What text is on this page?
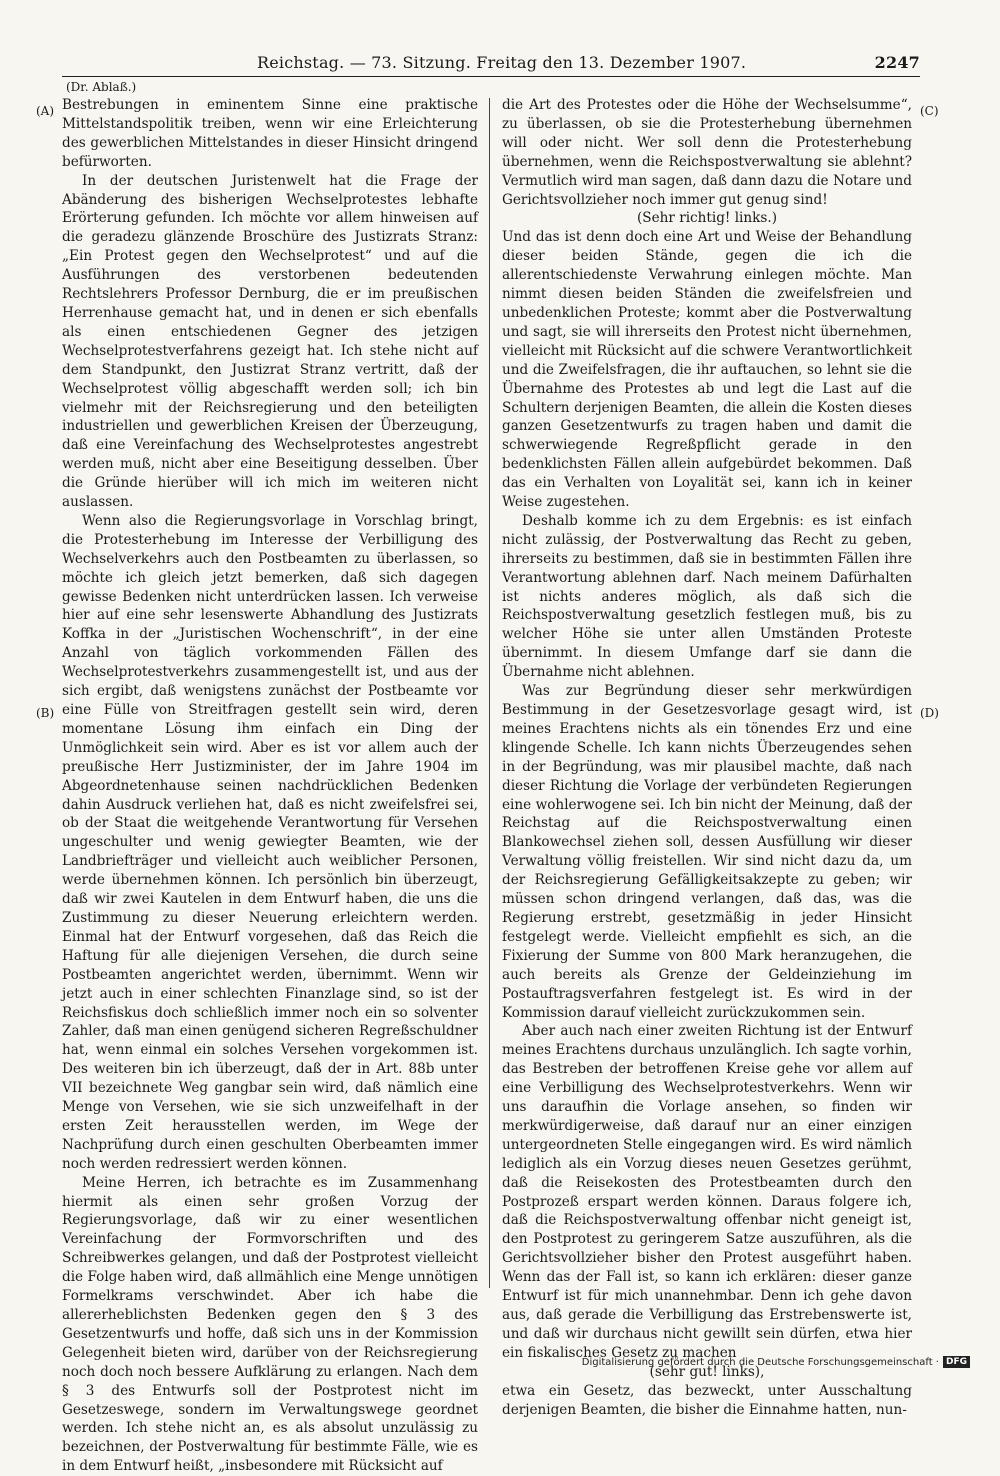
Reichstag. — 73. Sitzung. Freitag den 13. Dezember 1907.	2247
(Dr. Ablaß.)
(A)
(B)
(C)
(D)

Bestrebungen in eminentem Sinne eine praktische Mittelstandspolitik treiben, wenn wir eine Erleichterung des gewerblichen Mittelstandes in dieser Hinsicht dringend befürworten.

In der deutschen Juristenwelt hat die Frage der Abänderung des bisherigen Wechselprotestes lebhafte Erörterung gefunden. Ich möchte vor allem hinweisen auf die geradezu glänzende Broschüre des Justizrats Stranz: „Ein Protest gegen den Wechselprotest“ und auf die Ausführungen des verstorbenen bedeutenden Rechtslehrers Professor Dernburg, die er im preußischen Herrenhause gemacht hat, und in denen er sich ebenfalls als einen entschiedenen Gegner des jetzigen Wechselprotestverfahrens gezeigt hat. Ich stehe nicht auf dem Standpunkt, den Justizrat Stranz vertritt, daß der Wechselprotest völlig abgeschafft werden soll; ich bin vielmehr mit der Reichsregierung und den beteiligten industriellen und gewerblichen Kreisen der Überzeugung, daß eine Vereinfachung des Wechselprotestes angestrebt werden muß, nicht aber eine Beseitigung desselben. Über die Gründe hierüber will ich mich im weiteren nicht auslassen.

Wenn also die Regierungsvorlage in Vorschlag bringt, die Protesterhebung im Interesse der Verbilligung des Wechselverkehrs auch den Postbeamten zu überlassen, so möchte ich gleich jetzt bemerken, daß sich dagegen gewisse Bedenken nicht unterdrücken lassen. Ich verweise hier auf eine sehr lesenswerte Abhandlung des Justizrats Koffka in der „Juristischen Wochenschrift“, in der eine Anzahl von täglich vorkommenden Fällen des Wechselprotestverkehrs zusammengestellt ist, und aus der sich ergibt, daß wenigstens zunächst der Postbeamte vor eine Fülle von Streitfragen gestellt sein wird, deren momentane Lösung ihm einfach ein Ding der Unmöglichkeit sein wird. Aber es ist vor allem auch der preußische Herr Justizminister, der im Jahre 1904 im Abgeordnetenhause seinen nachdrücklichen Bedenken dahin Ausdruck verliehen hat, daß es nicht zweifelsfrei sei, ob der Staat die weitgehende Verantwortung für Versehen ungeschulter und wenig gewiegter Beamten, wie der Landbriefträger und vielleicht auch weiblicher Personen, werde übernehmen können. Ich persönlich bin überzeugt, daß wir zwei Kautelen in dem Entwurf haben, die uns die Zustimmung zu dieser Neuerung erleichtern werden. Einmal hat der Entwurf vorgesehen, daß das Reich die Haftung für alle diejenigen Versehen, die durch seine Postbeamten angerichtet werden, übernimmt. Wenn wir jetzt auch in einer schlechten Finanzlage sind, so ist der Reichsfiskus doch schließlich immer noch ein so solventer Zahler, daß man einen genügend sicheren Regreßschuldner hat, wenn einmal ein solches Versehen vorgekommen ist. Des weiteren bin ich überzeugt, daß der in Art. 88b unter VII bezeichnete Weg gangbar sein wird, daß nämlich eine Menge von Versehen, wie sie sich unzweifelhaft in der ersten Zeit herausstellen werden, im Wege der Nachprüfung durch einen geschulten Oberbeamten immer noch werden redressiert werden können.

Meine Herren, ich betrachte es im Zusammenhang hiermit als einen sehr großen Vorzug der Regierungsvorlage, daß wir zu einer wesentlichen Vereinfachung der Formvorschriften und des Schreibwerkes gelangen, und daß der Postprotest vielleicht die Folge haben wird, daß allmählich eine Menge unnötigen Formelkrams verschwindet. Aber ich habe die allererheblichsten Bedenken gegen den § 3 des Gesetzentwurfs und hoffe, daß sich uns in der Kommission Gelegenheit bieten wird, darüber von der Reichsregierung noch doch noch bessere Aufklärung zu erlangen. Nach dem § 3 des Entwurfs soll der Postprotest nicht im Gesetzeswege, sondern im Verwaltungswege geordnet werden. Ich stehe nicht an, es als absolut unzulässig zu bezeichnen, der Postverwaltung für bestimmte Fälle, wie es in dem Entwurf heißt, „insbesondere mit Rücksicht auf

die Art des Protestes oder die Höhe der Wechselsumme“, zu überlassen, ob sie die Protesterhebung übernehmen will oder nicht. Wer soll denn die Protesterhebung übernehmen, wenn die Reichspostverwaltung sie ablehnt? Vermutlich wird man sagen, daß dann dazu die Notare und Gerichtsvollzieher noch immer gut genug sind!

(Sehr richtig! links.)

Und das ist denn doch eine Art und Weise der Behandlung dieser beiden Stände, gegen die ich die allerentschiedenste Verwahrung einlegen möchte. Man nimmt diesen beiden Ständen die zweifelsfreien und unbedenklichen Proteste; kommt aber die Postverwaltung und sagt, sie will ihrerseits den Protest nicht übernehmen, vielleicht mit Rücksicht auf die schwere Verantwortlichkeit und die Zweifelsfragen, die ihr auftauchen, so lehnt sie die Übernahme des Protestes ab und legt die Last auf die Schultern derjenigen Beamten, die allein die Kosten dieses ganzen Gesetzentwurfs zu tragen haben und damit die schwerwiegende Regreßpflicht gerade in den bedenklichsten Fällen allein aufgebürdet bekommen. Daß das ein Verhalten von Loyalität sei, kann ich in keiner Weise zugestehen.

Deshalb komme ich zu dem Ergebnis: es ist einfach nicht zulässig, der Postverwaltung das Recht zu geben, ihrerseits zu bestimmen, daß sie in bestimmten Fällen ihre Verantwortung ablehnen darf. Nach meinem Dafürhalten ist nichts anderes möglich, als daß sich die Reichspostverwaltung gesetzlich festlegen muß, bis zu welcher Höhe sie unter allen Umständen Proteste übernimmt. In diesem Umfange darf sie dann die Übernahme nicht ablehnen.

Was zur Begründung dieser sehr merkwürdigen Bestimmung in der Gesetzesvorlage gesagt wird, ist meines Erachtens nichts als ein tönendes Erz und eine klingende Schelle. Ich kann nichts Überzeugendes sehen in der Begründung, was mir plausibel machte, daß nach dieser Richtung die Vorlage der verbündeten Regierungen eine wohlerwogene sei. Ich bin nicht der Meinung, daß der Reichstag auf die Reichspostverwaltung einen Blankowechsel ziehen soll, dessen Ausfüllung wir dieser Verwaltung völlig freistellen. Wir sind nicht dazu da, um der Reichsregierung Gefälligkeitsakzepte zu geben; wir müssen schon dringend verlangen, daß das, was die Regierung erstrebt, gesetzmäßig in jeder Hinsicht festgelegt werde. Vielleicht empfiehlt es sich, an die Fixierung der Summe von 800 Mark heranzugehen, die auch bereits als Grenze der Geldeinziehung im Postauftragsverfahren festgelegt ist. Es wird in der Kommission darauf vielleicht zurückzukommen sein.

Aber auch nach einer zweiten Richtung ist der Entwurf meines Erachtens durchaus unzulänglich. Ich sagte vorhin, das Bestreben der betroffenen Kreise gehe vor allem auf eine Verbilligung des Wechselprotestverkehrs. Wenn wir uns daraufhin die Vorlage ansehen, so finden wir merkwürdigerweise, daß darauf nur an einer einzigen untergeordneten Stelle eingegangen wird. Es wird nämlich lediglich als ein Vorzug dieses neuen Gesetzes gerühmt, daß die Reisekosten des Protestbeamten durch den Postprozeß erspart werden können. Daraus folgere ich, daß die Reichspostverwaltung offenbar nicht geneigt ist, den Postprotest zu geringerem Satze auszuführen, als die Gerichtsvollzieher bisher den Protest ausgeführt haben. Wenn das der Fall ist, so kann ich erklären: dieser ganze Entwurf ist für mich unannehmbar. Denn ich gehe davon aus, daß gerade die Verbilligung das Erstrebenswerte ist, und daß wir durchaus nicht gewillt sein dürfen, etwa hier ein fiskalisches Gesetz zu machen

(sehr gut! links),

etwa ein Gesetz, das bezweckt, unter Ausschaltung derjenigen Beamten, die bisher die Einnahme hatten, nun-

Digitalisierung gefördert durch die Deutsche Forschungsgemeinschaft · DFG
